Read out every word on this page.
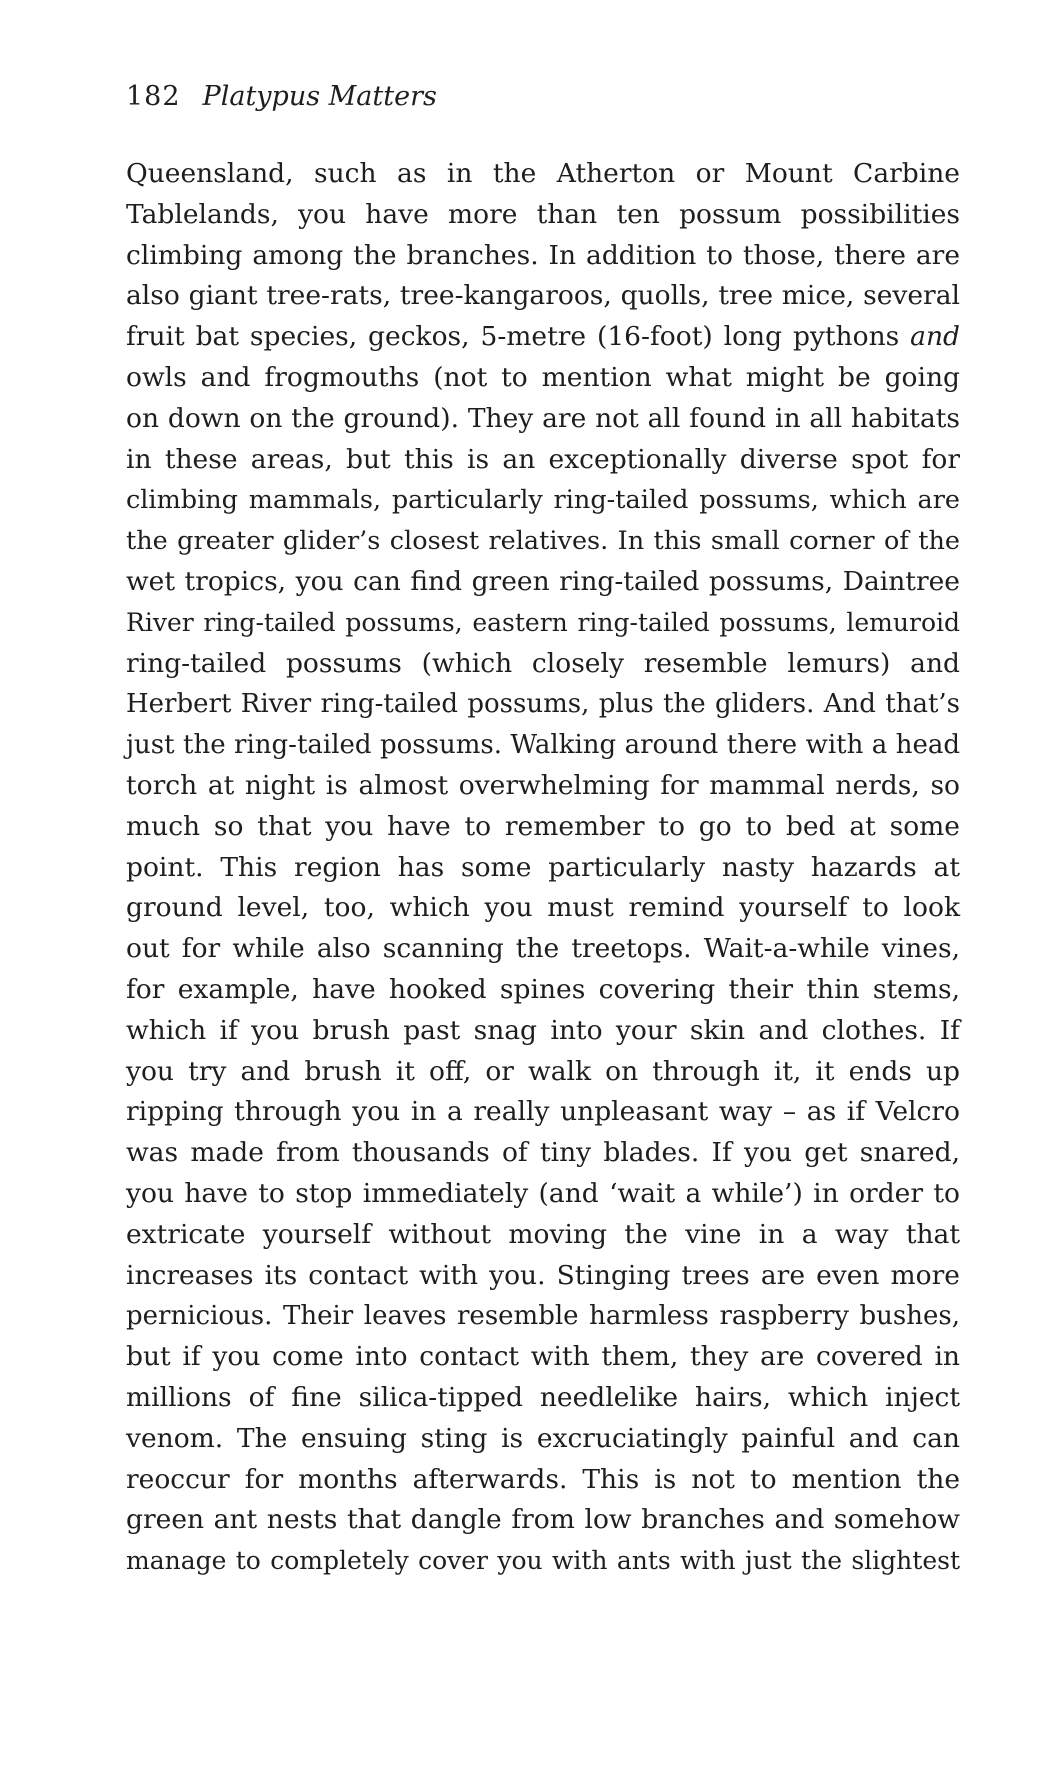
182 Platypus Matters
Queensland, such as in the Atherton or Mount Carbine
Tablelands, you have more than ten possum possibilities
climbing among the branches. In addition to those, there are
also giant tree-rats, tree-kangaroos, quolls, tree mice, several
fruit bat species, geckos, 5-metre (16-foot) long pythons and
owls and frogmouths (not to mention what might be going
on down on the ground). They are not all found in all habitats
in these areas, but this is an exceptionally diverse spot for
climbing mammals, particularly ring-tailed possums, which are
the greater glider’s closest relatives. In this small corner of the
wet tropics, you can find green ring-tailed possums, Daintree
River ring-tailed possums, eastern ring-tailed possums, lemuroid
ring-tailed possums (which closely resemble lemurs) and
Herbert River ring-tailed possums, plus the gliders. And that’s
just the ring-tailed possums. Walking around there with a head
torch at night is almost overwhelming for mammal nerds, so
much so that you have to remember to go to bed at some
point. This region has some particularly nasty hazards at
ground level, too, which you must remind yourself to look
out for while also scanning the treetops. Wait-a-while vines,
for example, have hooked spines covering their thin stems,
which if you brush past snag into your skin and clothes. If
you try and brush it off, or walk on through it, it ends up
ripping through you in a really unpleasant way – as if Velcro
was made from thousands of tiny blades. If you get snared,
you have to stop immediately (and ‘wait a while’) in order to
extricate yourself without moving the vine in a way that
increases its contact with you. Stinging trees are even more
pernicious. Their leaves resemble harmless raspberry bushes,
but if you come into contact with them, they are covered in
millions of fine silica-tipped needlelike hairs, which inject
venom. The ensuing sting is excruciatingly painful and can
reoccur for months afterwards. This is not to mention the
green ant nests that dangle from low branches and somehow
manage to completely cover you with ants with just the slightest
